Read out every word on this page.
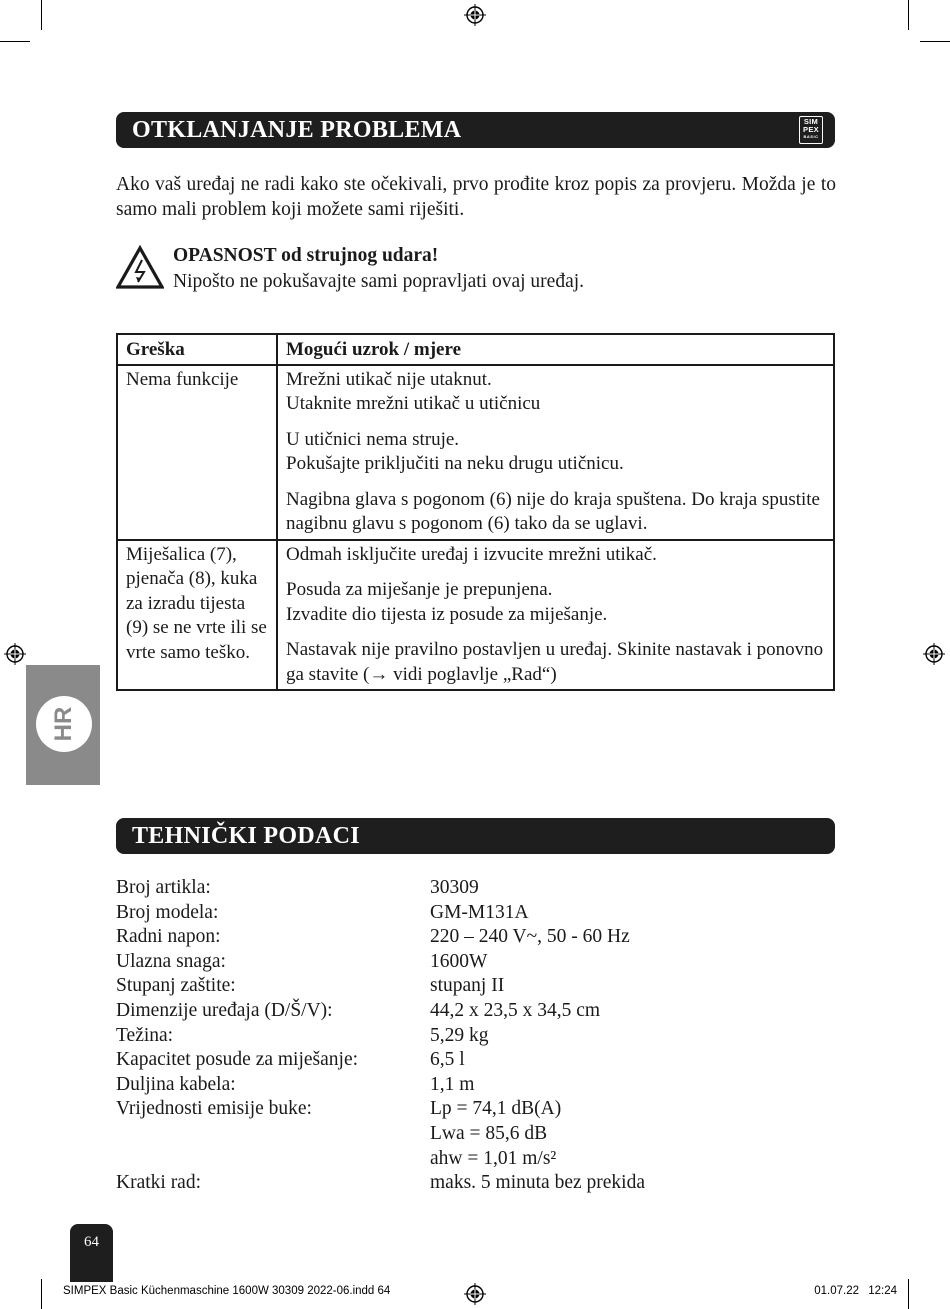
OTKLANJANJE PROBLEMA	SIM
PEX
BASIC
Ako vaš uređaj ne radi kako ste očekivali, prvo prođite kroz popis za provjeru. Možda je to samo mali problem koji možete sami riješiti.
OPASNOST od strujnog udara!
Nipošto ne pokušavajte sami popravljati ovaj uređaj.
Greška	Mogući uzrok / mjere
Nema funkcije	Mrežni utikač nije utaknut.
Utaknite mrežni utikač u utičnicu
U utičnici nema struje.
Pokušajte priključiti na neku drugu utičnicu.
Nagibna glava s pogonom (6) nije do kraja spuštena. Do kraja spustite nagibnu glavu s pogonom (6) tako da se uglavi.

Miješalica (7), pjenača (8), kuka za izradu tijesta (9) se ne vrte ili se vrte samo teško.	Odmah isključite uređaj i izvucite mrežni utikač.
Posuda za miješanje je prepunjena.
Izvadite dio tijesta iz posude za miješanje.
Nastavak nije pravilno postavljen u uređaj. Skinite nastavak i ponovno ga stavite (→ vidi poglavlje „Rad“)
HR
TEHNIČKI PODACI
Broj artikla:	30309
Broj modela:	GM-M131A
Radni napon:	220 – 240 V~, 50 - 60 Hz
Ulazna snaga:	1600W
Stupanj zaštite:	stupanj II
Dimenzije uređaja (D/Š/V):	44,2 x 23,5 x 34,5 cm
Težina:	5,29 kg
Kapacitet posude za miješanje:	6,5 l
Duljina kabela:	1,1 m
Vrijednosti emisije buke:	Lp = 74,1 dB(A)
Lwa = 85,6 dB
ahw = 1,01 m/s²
Kratki rad:	maks. 5 minuta bez prekida
64
SIMPEX Basic Küchenmaschine 1600W 30309 2022-06.indd 64	01.07.22 12:24
